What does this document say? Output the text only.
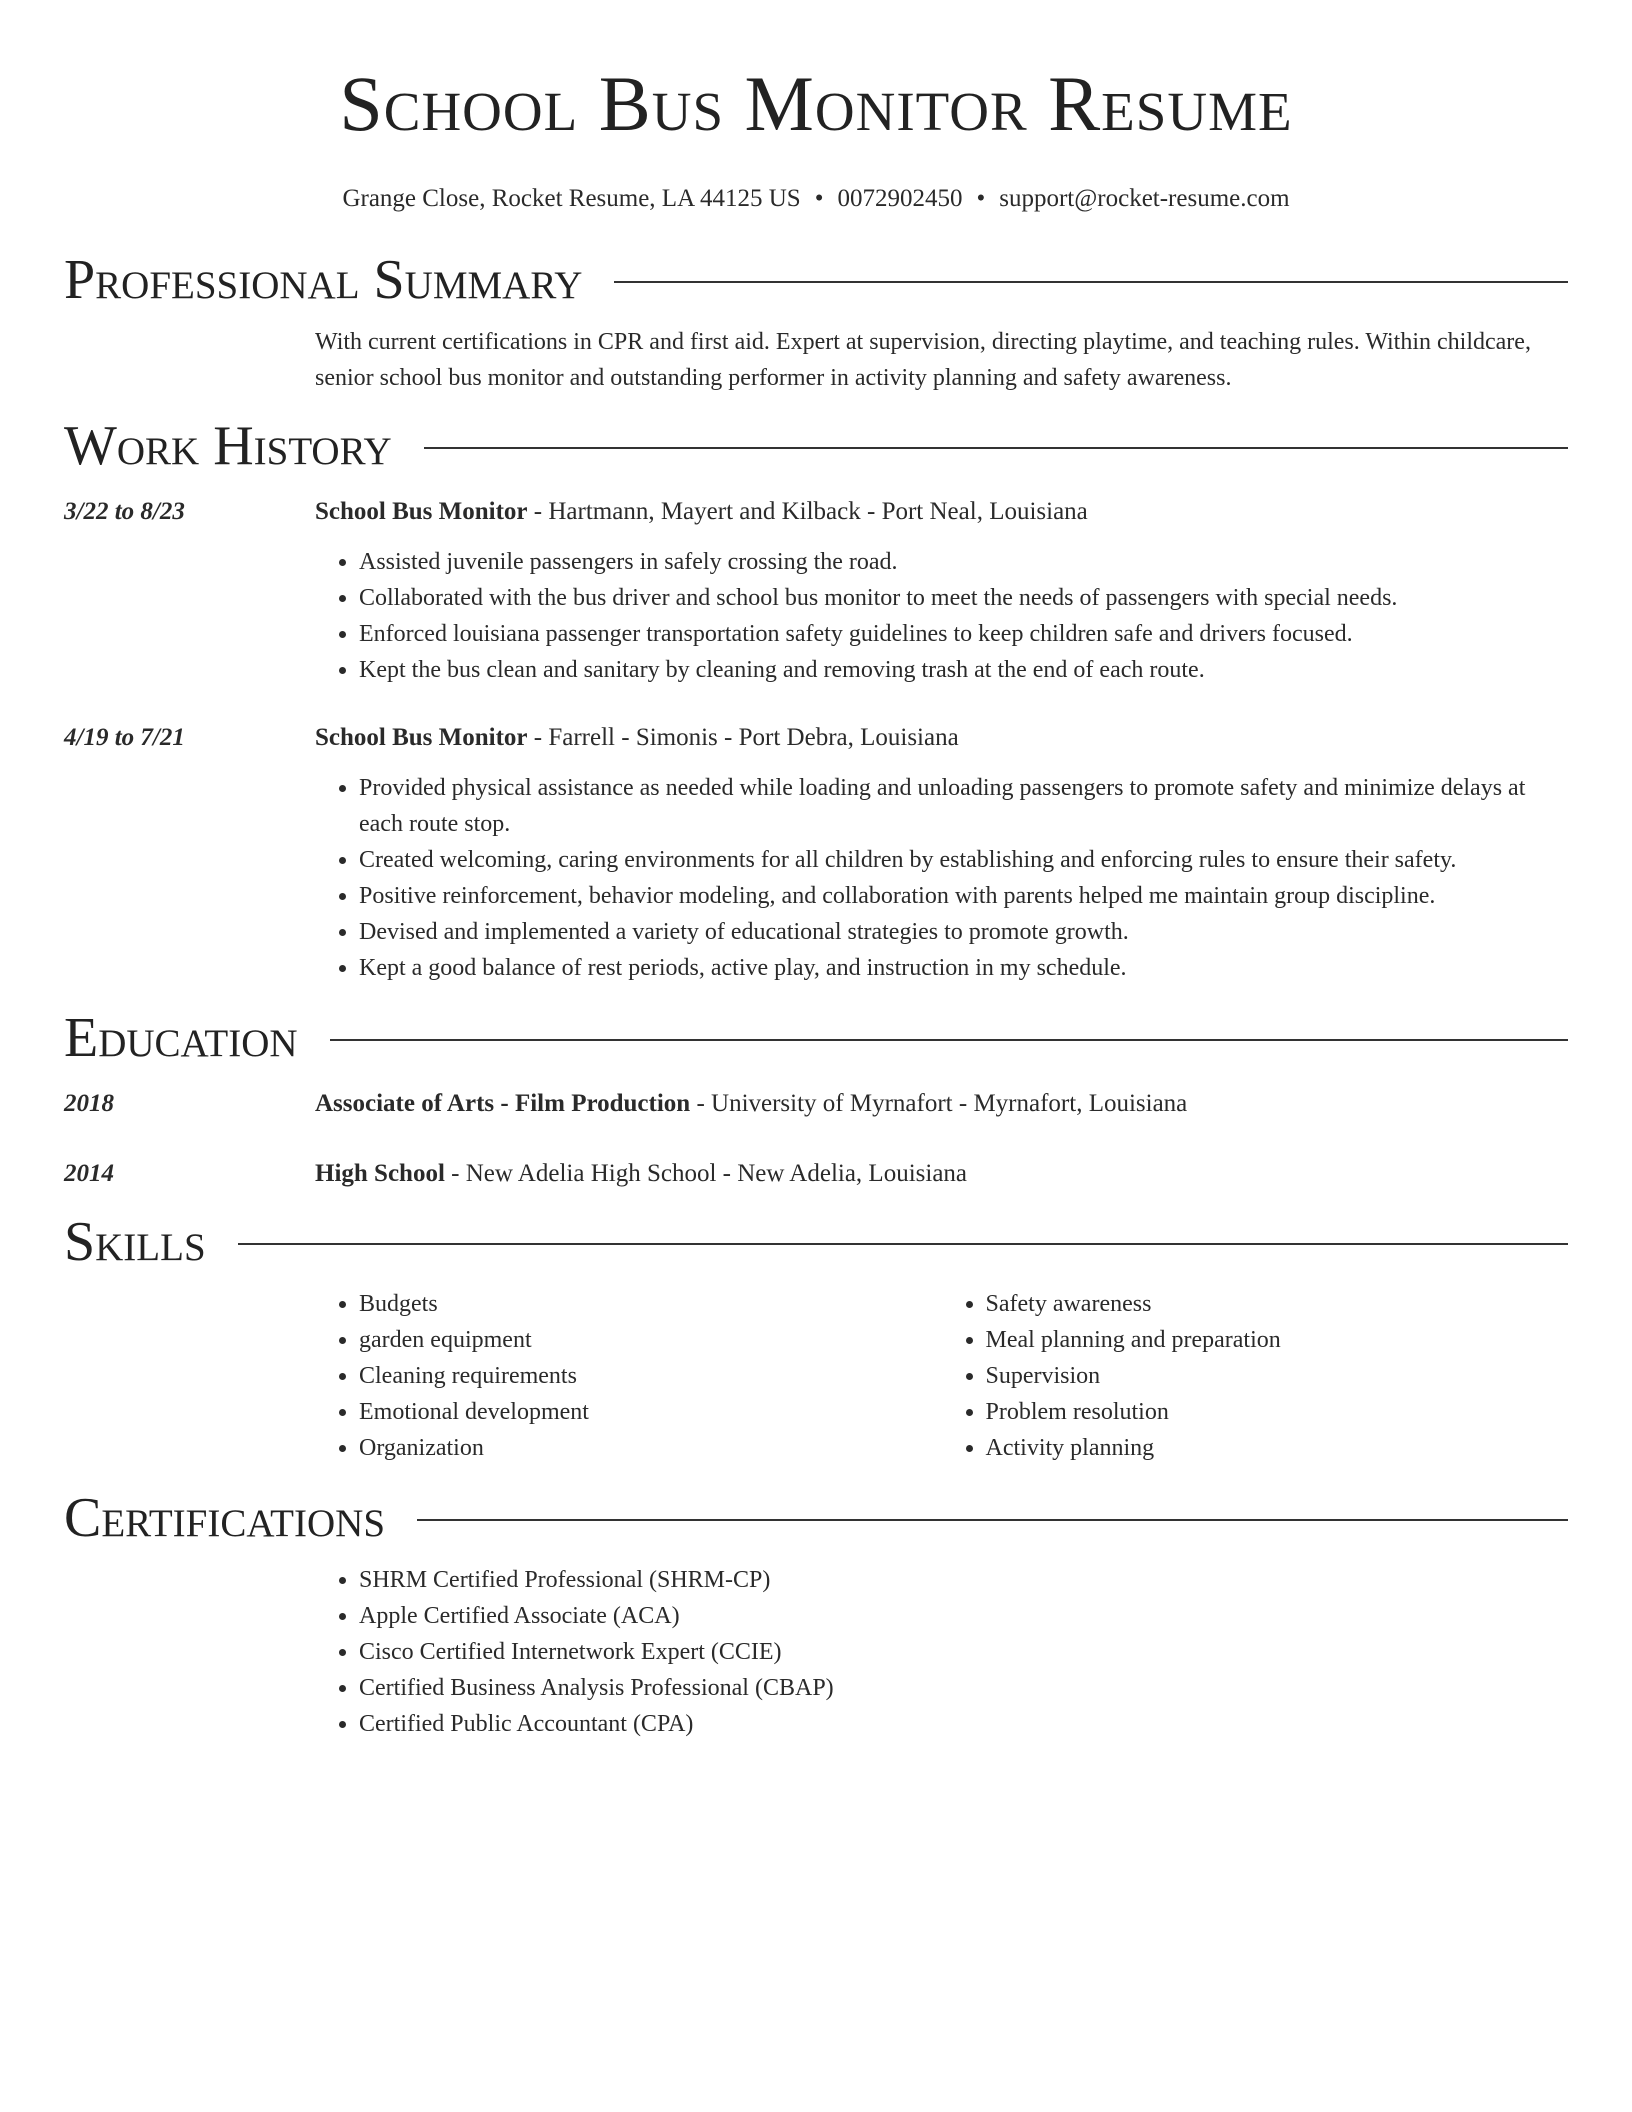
School Bus Monitor Resume
Grange Close, Rocket Resume, LA 44125 US • 0072902450 • support@rocket-resume.com
Professional Summary
With current certifications in CPR and first aid. Expert at supervision, directing playtime, and teaching rules. Within childcare, senior school bus monitor and outstanding performer in activity planning and safety awareness.
Work History
3/22 to 8/23	School Bus Monitor - Hartmann, Mayert and Kilback - Port Neal, Louisiana
• Assisted juvenile passengers in safely crossing the road.
• Collaborated with the bus driver and school bus monitor to meet the needs of passengers with special needs.
• Enforced louisiana passenger transportation safety guidelines to keep children safe and drivers focused.
• Kept the bus clean and sanitary by cleaning and removing trash at the end of each route.
4/19 to 7/21	School Bus Monitor - Farrell - Simonis - Port Debra, Louisiana
• Provided physical assistance as needed while loading and unloading passengers to promote safety and minimize delays at each route stop.
• Created welcoming, caring environments for all children by establishing and enforcing rules to ensure their safety.
• Positive reinforcement, behavior modeling, and collaboration with parents helped me maintain group discipline.
• Devised and implemented a variety of educational strategies to promote growth.
• Kept a good balance of rest periods, active play, and instruction in my schedule.
Education
2018	Associate of Arts - Film Production - University of Myrnafort - Myrnafort, Louisiana
2014	High School - New Adelia High School - New Adelia, Louisiana
Skills
• Budgets
• garden equipment
• Cleaning requirements
• Emotional development
• Organization
• Safety awareness
• Meal planning and preparation
• Supervision
• Problem resolution
• Activity planning
Certifications
• SHRM Certified Professional (SHRM-CP)
• Apple Certified Associate (ACA)
• Cisco Certified Internetwork Expert (CCIE)
• Certified Business Analysis Professional (CBAP)
• Certified Public Accountant (CPA)
